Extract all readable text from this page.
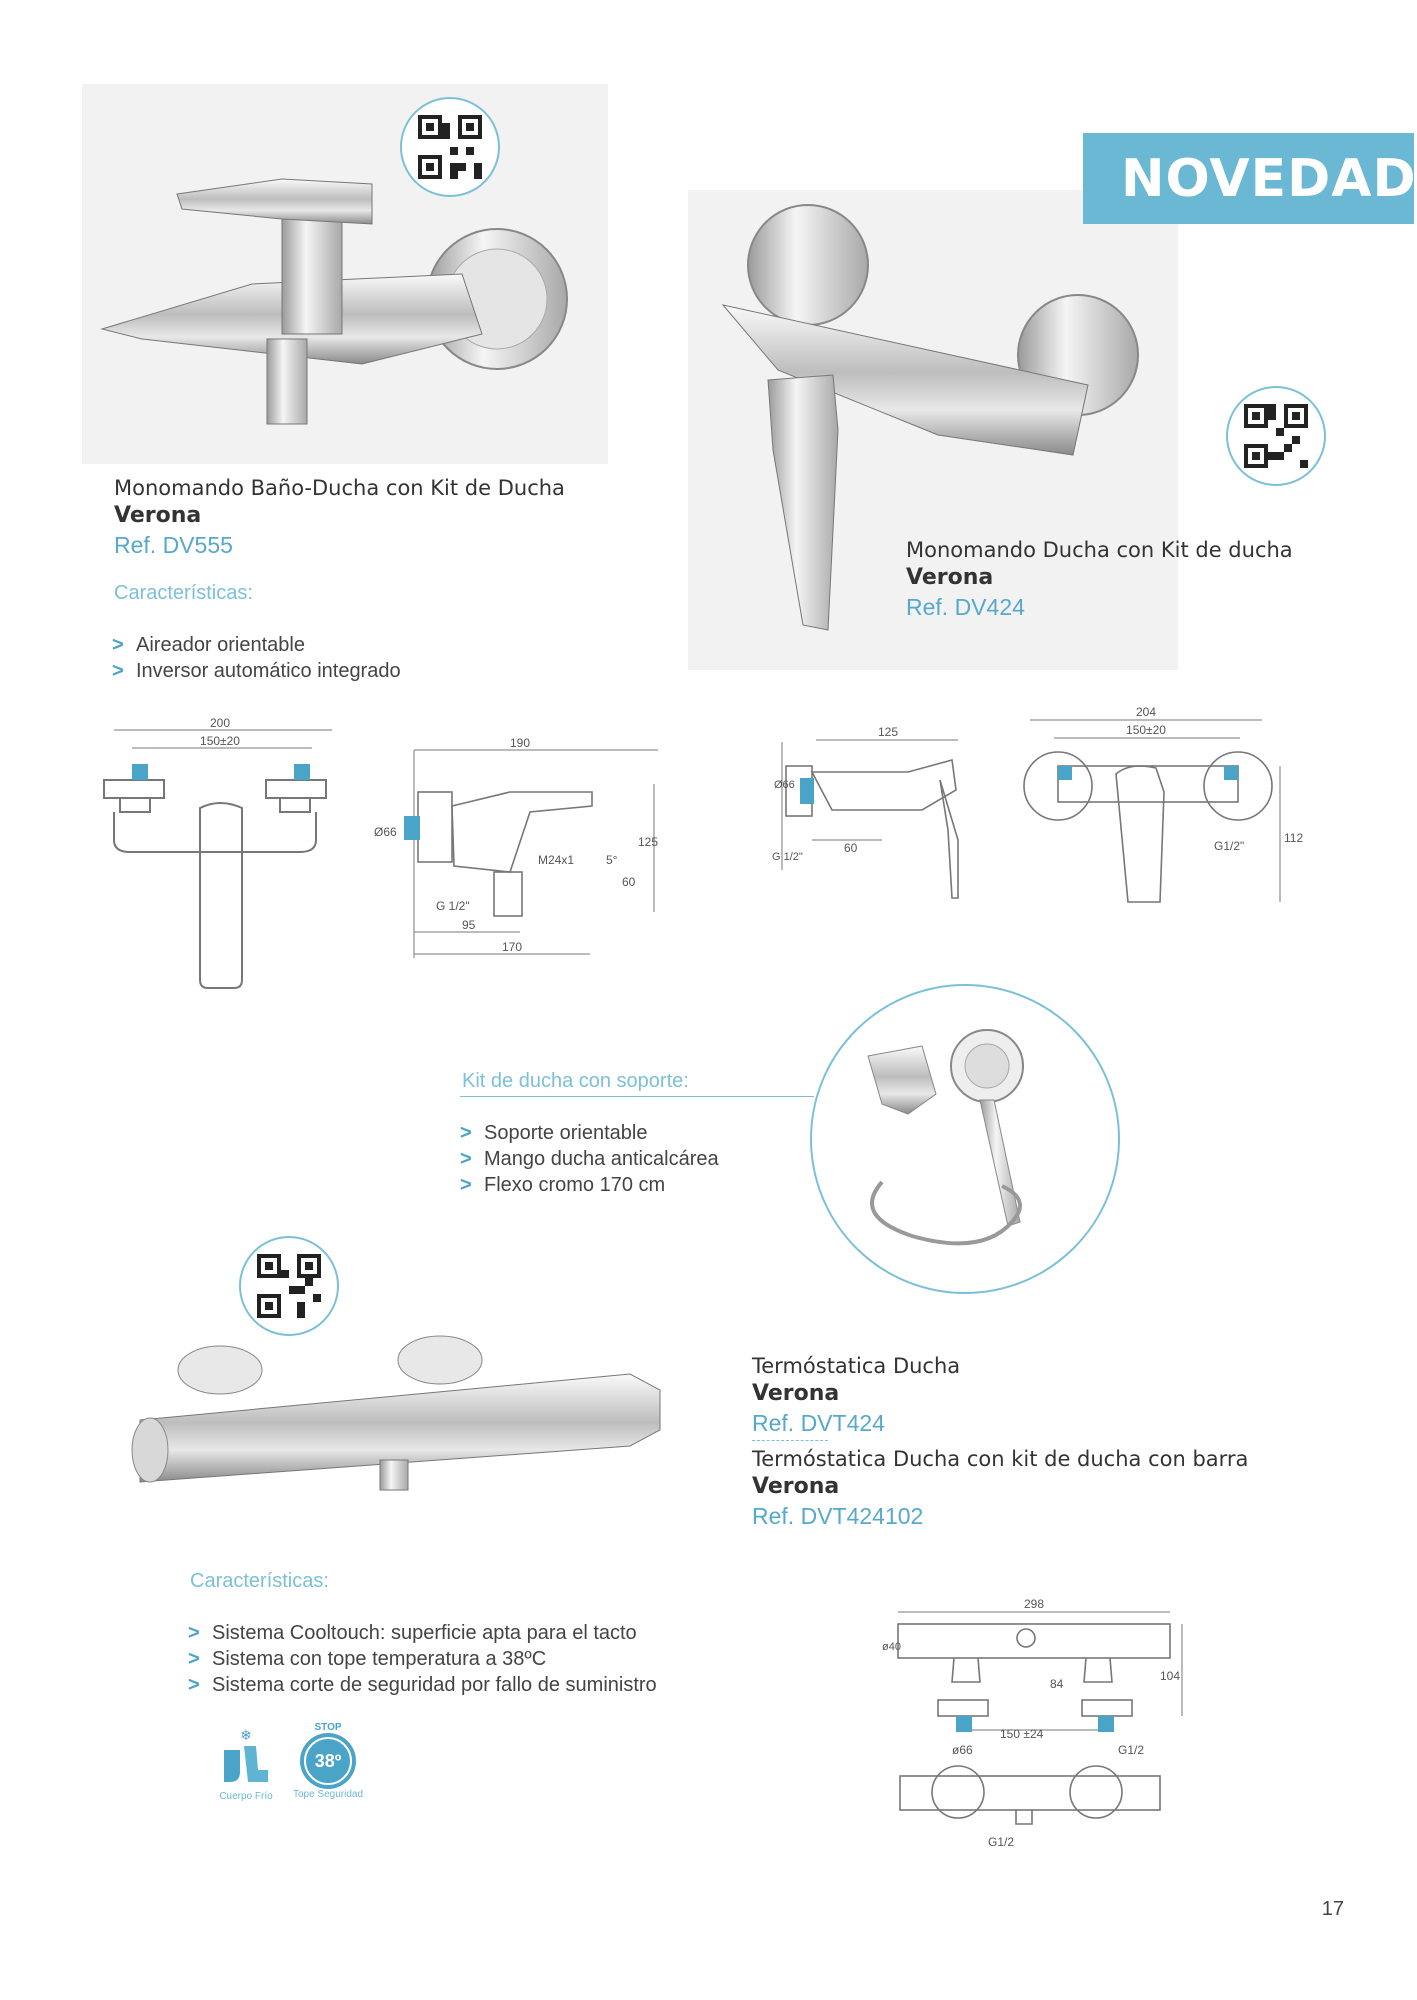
NOVEDAD
Monomando Baño-Ducha con Kit de Ducha
Verona
Ref. DV555
Características:
> Aireador orientable
> Inversor automático integrado
Monomando Ducha con Kit de ducha
Verona
Ref. DV424
200
150±20	190
Ø66
M24x1	5°
60
125
G 1/2"
95
170
125
Ø66
G 1/2"
60
204
150±20
G1/2"
112
Kit de ducha con soporte:
> Soporte orientable
> Mango ducha anticalcárea
> Flexo cromo 170 cm
Termóstatica Ducha
Verona
Ref. DVT424
Termóstatica Ducha con kit de ducha con barra
Verona
Ref. DVT424102
Características:
> Sistema Cooltouch: superficie apta para el tacto
> Sistema con tope temperatura a 38ºC
> Sistema corte de seguridad por fallo de suministro
❄
Cuerpo Frío
STOP
38º
Tope Seguridad
298
ø40
84
104
150 ±24
ø66	G1/2
G1/2
17
